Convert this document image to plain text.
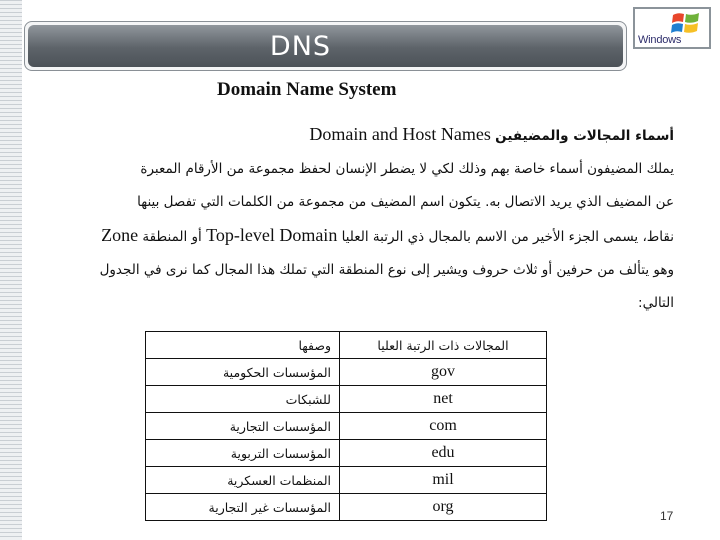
DNS	Windows
Domain Name System
أسماء المجالات والمضيفين Domain and Host Names
يملك المضيفون أسماء خاصة بهم وذلك لكي لا يضطر الإنسان لحفظ مجموعة من الأرقام المعبرة
عن المضيف الذي يريد الاتصال به. يتكون اسم المضيف من مجموعة من الكلمات التي تفصل بينها
نقاط، يسمى الجزء الأخير من الاسم بالمجال ذي الرتبة العليا Top-level Domain أو المنطقة Zone
وهو يتألف من حرفين أو ثلاث حروف ويشير إلى نوع المنطقة التي تملك هذا المجال كما نرى في الجدول
التالي:
المجالات ذات الرتبة العليا	وصفها
gov	المؤسسات الحكومية
net	للشبكات
com	المؤسسات التجارية
edu	المؤسسات التربوية
mil	المنظمات العسكرية
org	المؤسسات غير التجارية
17
